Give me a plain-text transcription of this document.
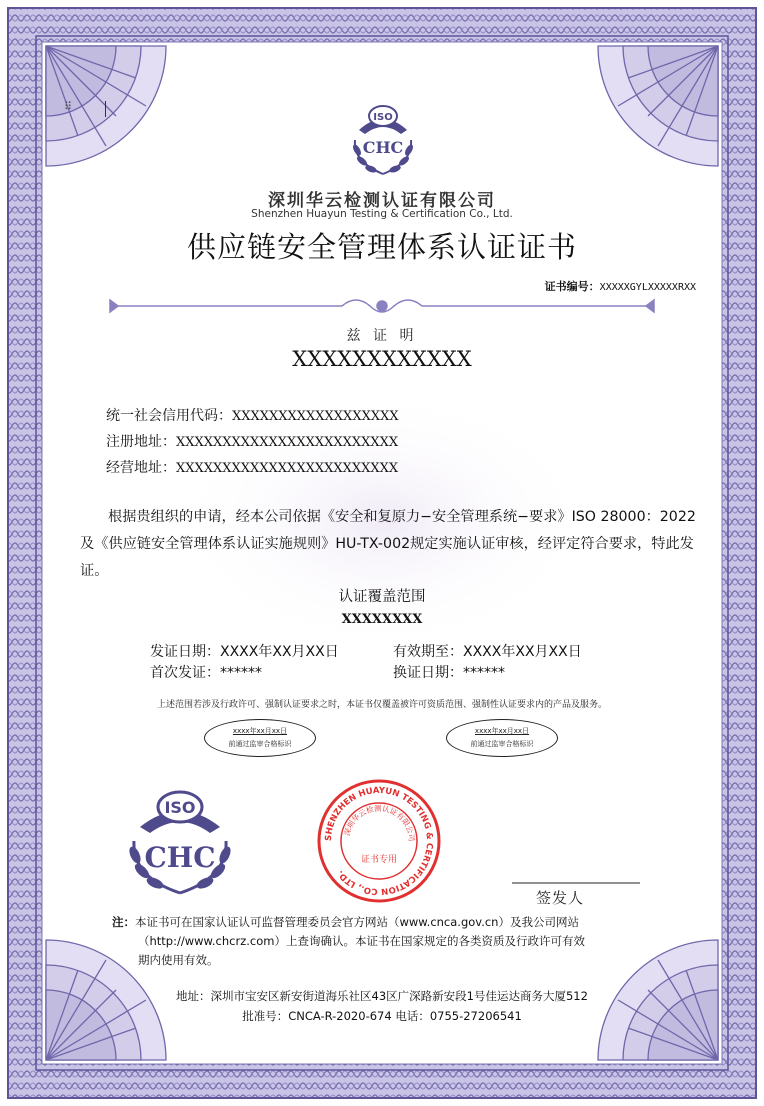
⠿
ISO
CHC
深圳华云检测认证有限公司
Shenzhen Huayun Testing & Certification Co., Ltd.
供应链安全管理体系认证证书
证书编号：XXXXXGYLXXXXXRXX
兹 证 明
XXXXXXXXXXXX
统一社会信用代码：XXXXXXXXXXXXXXXXXX
注册地址：XXXXXXXXXXXXXXXXXXXXXXXX
经营地址：XXXXXXXXXXXXXXXXXXXXXXXX
根据贵组织的申请，经本公司依据《安全和复原力−安全管理系统−要求》ISO 28000：2022及《供应链安全管理体系认证实施规则》HU-TX-002规定实施认证审核，经评定符合要求，特此发证。
认证覆盖范围
XXXXXXXX
发证日期：XXXX年XX月XX日	有效期至：XXXX年XX月XX日
首次发证：******	换证日期：******
上述范围若涉及行政许可、强制认证要求之时，本证书仅覆盖被许可资质范围、强制性认证要求内的产品及服务。
xxxx年xx月xx日
前通过监审合格标识
xxxx年xx月xx日
前通过监审合格标识
ISO
CHC
SHENZHEN HUAYUN TESTING & CERTIFICATION CO., LTD.
深圳华云检测认证有限公司
证书专用
签发人
注：本证书可在国家认证认可监督管理委员会官方网站（www.cnca.gov.cn）及我公司网站
（http://www.chcrz.com）上查询确认。本证书在国家规定的各类资质及行政许可有效
期内使用有效。
地址：深圳市宝安区新安街道海乐社区43区广深路新安段1号佳运达商务大厦512
批准号：CNCA-R-2020-674 电话：0755-27206541
